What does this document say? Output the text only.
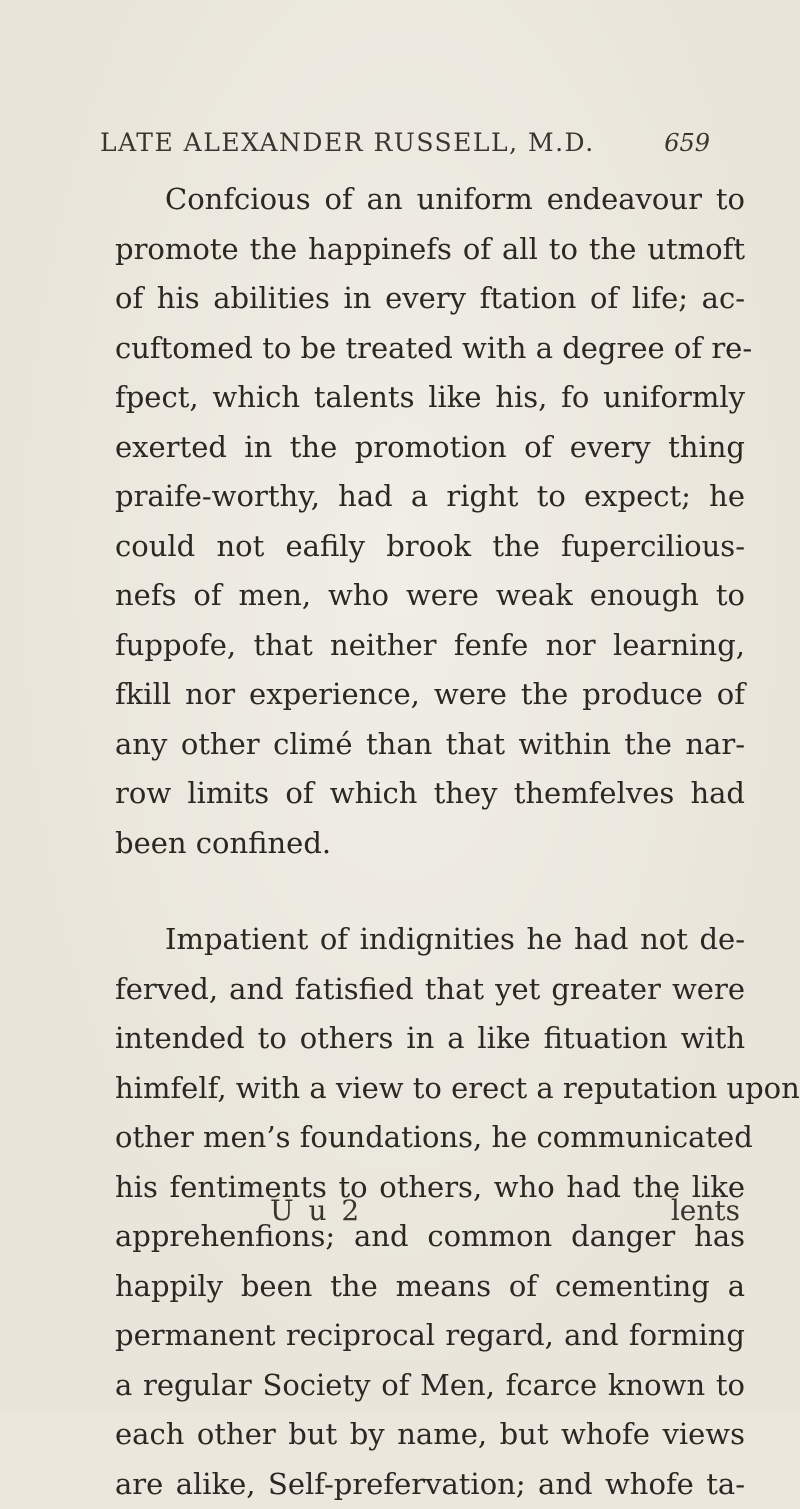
LATE ALEXANDER RUSSELL, M.D.	659
Confcious of an uniform endeavour to
promote the happinefs of all to the utmoft
of his abilities in every ftation of life; ac-
cuftomed to be treated with a degree of re-
fpect, which talents like his, fo uniformly
exerted in the promotion of every thing
praife-worthy, had a right to expect; he
could not eafily brook the fupercilious-
nefs of men, who were weak enough to
fuppofe, that neither fenfe nor learning,
fkill nor experience, were the produce of
any other climé than that within the nar-
row limits of which they themfelves had
been confined.
Impatient of indignities he had not de-
ferved, and fatisfied that yet greater were
intended to others in a like fituation with
himfelf, with a view to erect a reputation upon
other men’s foundations, he communicated
his fentiments to others, who had the like
apprehenfions; and common danger has
happily been the means of cementing a
permanent reciprocal regard, and forming
a regular Society of Men, fcarce known to
each other but by name, but whofe views
are alike, Self-prefervation; and whofe ta-
U u 2	lents
